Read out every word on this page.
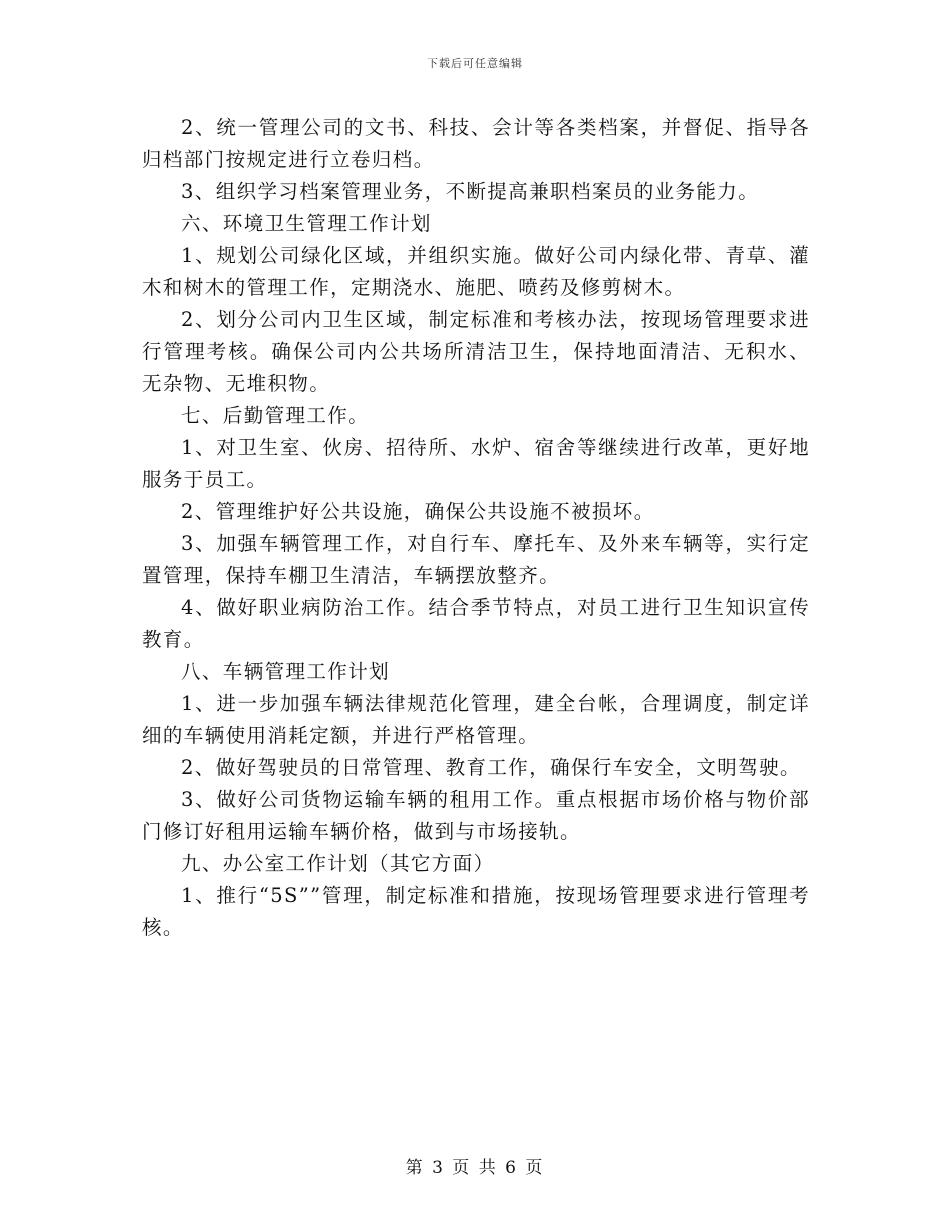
下载后可任意编辑

2、统一管理公司的文书、科技、会计等各类档案，并督促、指导各归档部门按规定进行立卷归档。

3、组织学习档案管理业务，不断提高兼职档案员的业务能力。

六、环境卫生管理工作计划

1、规划公司绿化区域，并组织实施。做好公司内绿化带、青草、灌木和树木的管理工作，定期浇水、施肥、喷药及修剪树木。

2、划分公司内卫生区域，制定标准和考核办法，按现场管理要求进行管理考核。确保公司内公共场所清洁卫生，保持地面清洁、无积水、无杂物、无堆积物。

七、后勤管理工作。

1、对卫生室、伙房、招待所、水炉、宿舍等继续进行改革，更好地服务于员工。

2、管理维护好公共设施，确保公共设施不被损坏。

3、加强车辆管理工作，对自行车、摩托车、及外来车辆等，实行定置管理，保持车棚卫生清洁，车辆摆放整齐。

4、做好职业病防治工作。结合季节特点，对员工进行卫生知识宣传教育。

八、车辆管理工作计划

1、进一步加强车辆法律规范化管理，建全台帐，合理调度，制定详细的车辆使用消耗定额，并进行严格管理。

2、做好驾驶员的日常管理、教育工作，确保行车安全，文明驾驶。

3、做好公司货物运输车辆的租用工作。重点根据市场价格与物价部门修订好租用运输车辆价格，做到与市场接轨。

九、办公室工作计划（其它方面）

1、推行“5S””管理，制定标准和措施，按现场管理要求进行管理考核。

第 3 页 共 6 页
